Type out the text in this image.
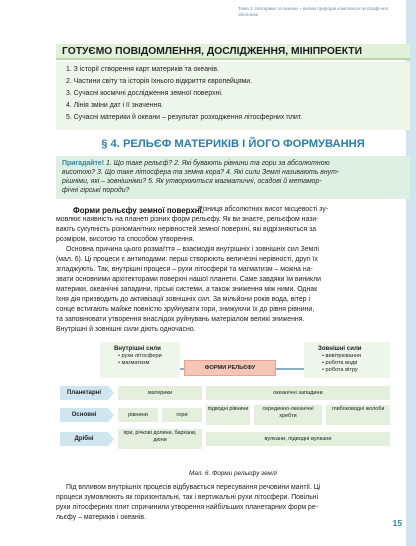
Тема 2. Материки та океани – великі природні комплекси географічної оболонки
ГОТУЄМО ПОВІДОМЛЕННЯ, ДОСЛІДЖЕННЯ, МІНІПРОЕКТИ
1. З історії створення карт материків та океанів.
2. Частини світу та історія їхнього відкриття європейцями.
3. Сучасні космічні дослідження земної поверхні.
4. Лінія зміни дат і її значення.
5. Сучасні материки й океани – результат розходження літосферних плит.
§ 4. РЕЛЬЄФ МАТЕРИКІВ І ЙОГО ФОРМУВАННЯ
Пригадайте! 1. Що таке рельєф? 2. Які бувають рівнини та гори за абсолютною
висотою? 3. Що таке літосфера та земна кора? 4. Які сили Землі називають внут-
рішніми, які – зовнішніми? 5. Як утворюються магматичні, осадові й метамор-
фічні гірські породи?
Форми рельєфу земної поверхні.
Різниця абсолютних висот місцевості зу-
мовлює наявність на планеті різних форм рельєфу. Як ви знаєте, рельєфом нази-
вають сукупність різноманітних нерівностей земної поверхні, які відрізняються за
розміром, висотою та способом утворення.
Основна причина цього розмаїття – взаємодія внутрішніх і зовнішніх сил Землі
(мал. 6). Ці процеси є антиподами: перші створюють величезні нерівності, другі їх
згладжують. Так, внутрішні процеси – рухи літосфери та магматизм – можна на-
звати основними архітекторами поверхні нашої планети. Саме завдяки їм виникли
материки, океанічні западини, гірські системи, а також зниження між ними. Однак
їхня дія призводить до активізації зовнішніх сил. За мільйони років вода, вітер і
сонце встигають майже повністю зруйнувати гори, знижуючи їх до рівня рівнини,
та заповнювати утворення внаслідок руйнувань матеріалом великі зниження.
Внутрішні й зовнішні сили діють одночасно.
Внутрішні сили
• рухи літосфери
• магматизм
ФОРМИ РЕЛЬЄФУ
Зовнішні сили
• вивітрювання
• робота води
• робота вітру
Планетарні	материки	океанічні западини
Основні	рівнини	гори
підводні рівнини	серединно-океанічні хребти
глибоководні жолоби
Дрібні
яри, річкові долини, бархани, дюни	вулкани, підводні вулкани
Мал. 6. Форми рельєфу землі
Під впливом внутрішніх процесів відбувається пересування речовини мантії. Ці
процеси зумовлюють як горизонтальні, так і вертикальні рухи літосфери. Повільні
рухи літосферних плит спричинили утворення найбільших планетарних форм ре-
льєфу – материків і океанів.
15
